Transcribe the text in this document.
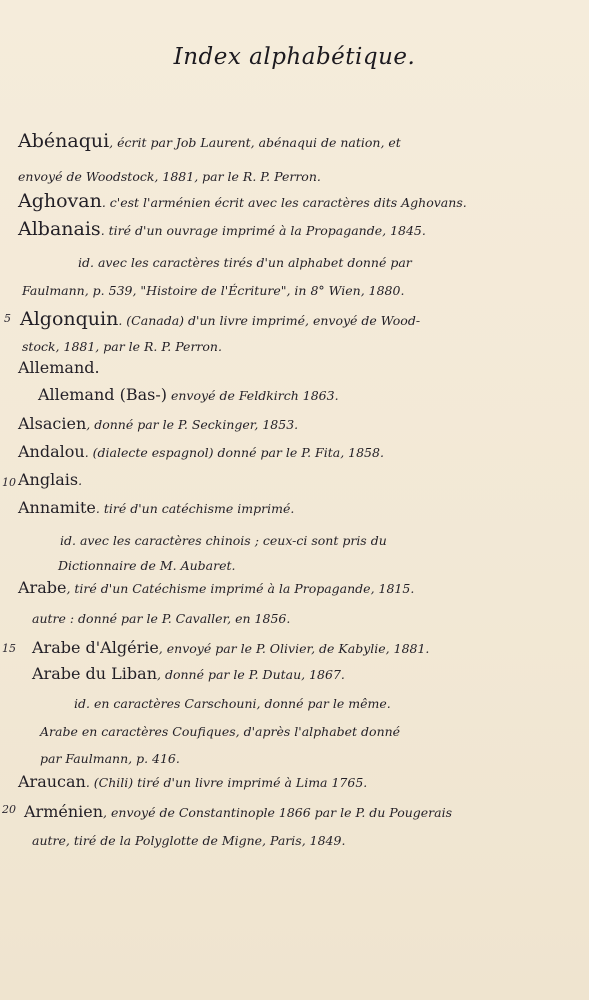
Index alphabétique.
5
10
15
20
Abénaqui, écrit par Job Laurent, abénaqui de nation, et
envoyé de Woodstock, 1881, par le R. P. Perron.
Aghovan. c'est l'arménien écrit avec les caractères dits Aghovans.
Albanais. tiré d'un ouvrage imprimé à la Propagande, 1845.
id. avec les caractères tirés d'un alphabet donné par
Faulmann, p. 539, "Histoire de l'Écriture", in 8° Wien, 1880.
Algonquin. (Canada) d'un livre imprimé, envoyé de Wood-
stock, 1881, par le R. P. Perron.
Allemand.
Allemand (Bas-) envoyé de Feldkirch 1863.
Alsacien, donné par le P. Seckinger, 1853.
Andalou. (dialecte espagnol) donné par le P. Fita, 1858.
Anglais.
Annamite. tiré d'un catéchisme imprimé.
id. avec les caractères chinois ; ceux-ci sont pris du
Dictionnaire de M. Aubaret.
Arabe, tiré d'un Catéchisme imprimé à la Propagande, 1815.
autre : donné par le P. Cavaller, en 1856.
Arabe d'Algérie, envoyé par le P. Olivier, de Kabylie, 1881.
Arabe du Liban, donné par le P. Dutau, 1867.
id. en caractères Carschouni, donné par le même.
Arabe en caractères Coufiques, d'après l'alphabet donné
par Faulmann, p. 416.
Araucan. (Chili) tiré d'un livre imprimé à Lima 1765.
Arménien, envoyé de Constantinople 1866 par le P. du Pougerais
autre, tiré de la Polyglotte de Migne, Paris, 1849.
